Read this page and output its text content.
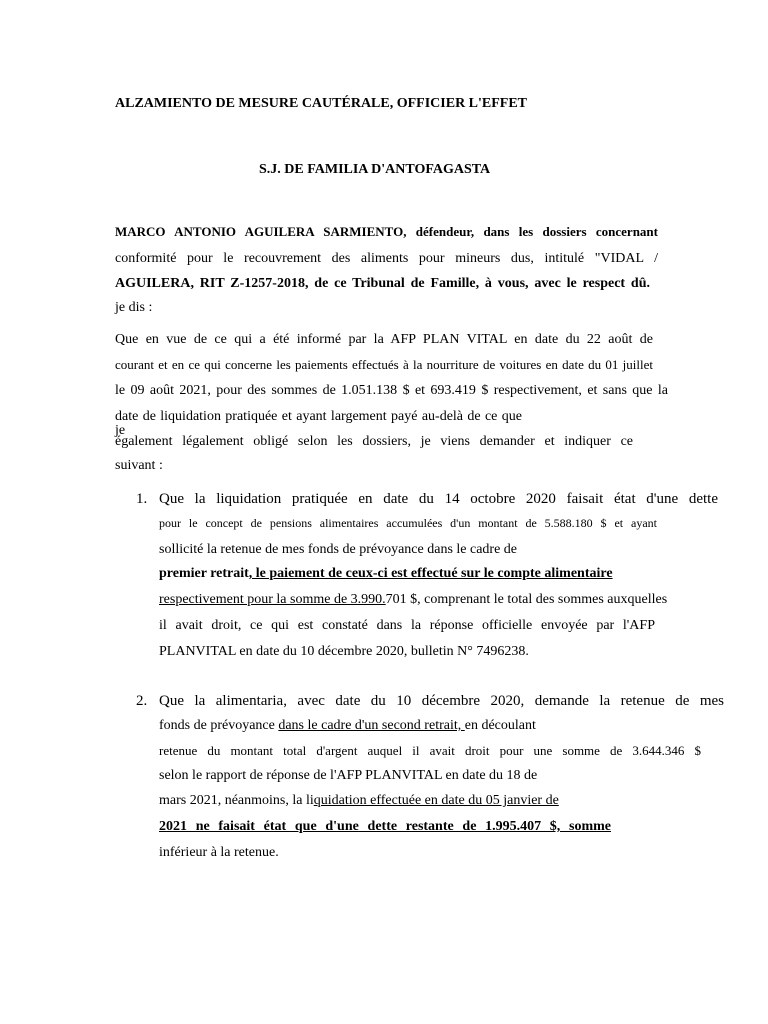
ALZAMIENTO DE MESURE CAUTÉRALE, OFFICIER L'EFFET
S.J. DE FAMILIA D'ANTOFAGASTA
MARCO ANTONIO AGUILERA SARMIENTO, défendeur, dans les dossiers concernant
conformité pour le recouvrement des aliments pour mineurs dus, intitulé "VIDAL /
AGUILERA, RIT Z-1257-2018, de ce Tribunal de Famille, à vous, avec le respect dû.
je dis :
Que en vue de ce qui a été informé par la AFP PLAN VITAL en date du 22 août de
courant et en ce qui concerne les paiements effectués à la nourriture de voitures en date du 01 juillet
le 09 août 2021, pour des sommes de 1.051.138 $ et 693.419 $ respectivement, et sans que la
date de liquidation pratiquée et ayant largement payé au-delà de ce que je
également légalement obligé selon les dossiers, je viens demander et indiquer ce
suivant :
1. Que la liquidation pratiquée en date du 14 octobre 2020 faisait état d'une dette
pour le concept de pensions alimentaires accumulées d'un montant de 5.588.180 $ et ayant
sollicité la retenue de mes fonds de prévoyance dans le cadre de
premier retrait, le paiement de ceux-ci est effectué sur le compte alimentaire
respectivement pour la somme de 3.990.701 $, comprenant le total des sommes auxquelles
il avait droit, ce qui est constaté dans la réponse officielle envoyée par l'AFP
PLANVITAL en date du 10 décembre 2020, bulletin N° 7496238.
2. Que la alimentaria, avec date du 10 décembre 2020, demande la retenue de mes
fonds de prévoyance dans le cadre d'un second retrait, en découlant
retenue du montant total d'argent auquel il avait droit pour une somme de 3.644.346 $
selon le rapport de réponse de l'AFP PLANVITAL en date du 18 de
mars 2021, néanmoins, la liquidation effectuée en date du 05 janvier de
2021 ne faisait état que d'une dette restante de 1.995.407 $, somme
inférieur à la retenue.
